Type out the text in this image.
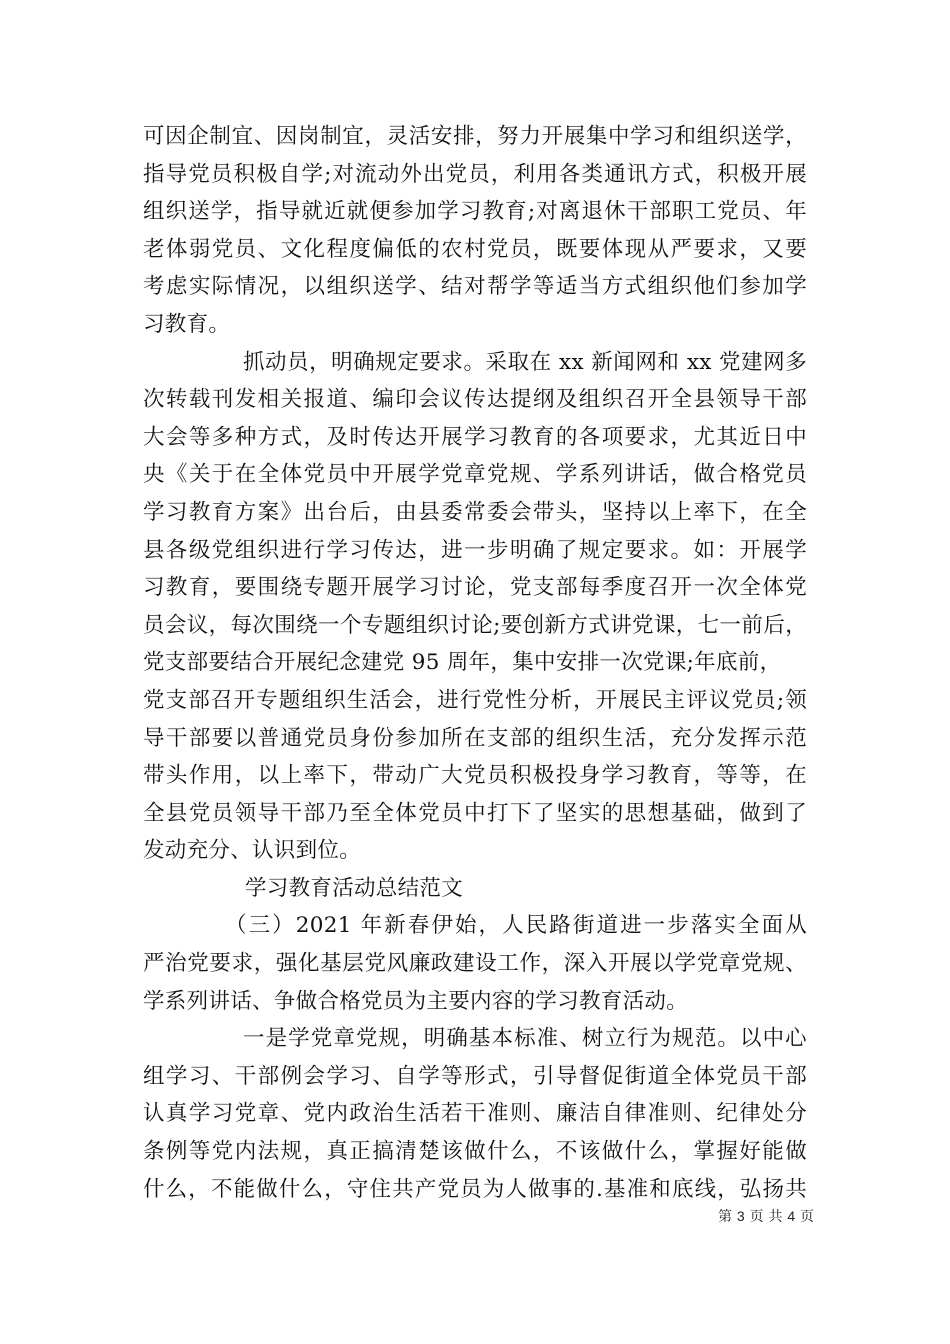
可因企制宜、因岗制宜，灵活安排，努力开展集中学习和组织送学，
指导党员积极自学;对流动外出党员，利用各类通讯方式，积极开展
组织送学，指导就近就便参加学习教育;对离退休干部职工党员、年
老体弱党员、文化程度偏低的农村党员，既要体现从严要求，又要
考虑实际情况，以组织送学、结对帮学等适当方式组织他们参加学
习教育。
抓动员，明确规定要求。采取在 xx 新闻网和 xx 党建网多
次转载刊发相关报道、编印会议传达提纲及组织召开全县领导干部
大会等多种方式，及时传达开展学习教育的各项要求，尤其近日中
央《关于在全体党员中开展学党章党规、学系列讲话，做合格党员
学习教育方案》出台后，由县委常委会带头，坚持以上率下，在全
县各级党组织进行学习传达，进一步明确了规定要求。如：开展学
习教育，要围绕专题开展学习讨论，党支部每季度召开一次全体党
员会议，每次围绕一个专题组织讨论;要创新方式讲党课，七一前后，
党支部要结合开展纪念建党 95 周年，集中安排一次党课;年底前，
党支部召开专题组织生活会，进行党性分析，开展民主评议党员;领
导干部要以普通党员身份参加所在支部的组织生活，充分发挥示范
带头作用，以上率下，带动广大党员积极投身学习教育，等等，在
全县党员领导干部乃至全体党员中打下了坚实的思想基础，做到了
发动充分、认识到位。
学习教育活动总结范文
（三）2021 年新春伊始，人民路街道进一步落实全面从
严治党要求，强化基层党风廉政建设工作，深入开展以学党章党规、
学系列讲话、争做合格党员为主要内容的学习教育活动。
一是学党章党规，明确基本标准、树立行为规范。以中心
组学习、干部例会学习、自学等形式，引导督促街道全体党员干部
认真学习党章、党内政治生活若干准则、廉洁自律准则、纪律处分
条例等党内法规，真正搞清楚该做什么，不该做什么，掌握好能做
什么，不能做什么，守住共产党员为人做事的.基准和底线，弘扬共
第 3 页 共 4 页
